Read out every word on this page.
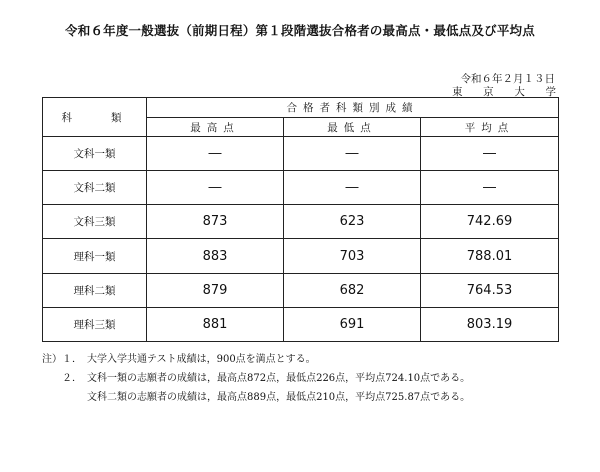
令和６年度一般選抜（前期日程）第１段階選抜合格者の最高点・最低点及び平均点
令和６年２月１３日
東 京 大 学
科　　類	合格者科類別成績		
	最高点	最低点	平均点
文科一類	―	―	―
文科二類	―	―	―
文科三類	873	623	742.69
理科一類	883	703	788.01
理科二類	879	682	764.53
理科三類	881	691	803.19
注）１． 大学入学共通テスト成績は，900点を満点とする。
　　２． 文科一類の志願者の成績は，最高点872点，最低点226点，平均点724.10点である。
文科二類の志願者の成績は，最高点889点，最低点210点，平均点725.87点である。
